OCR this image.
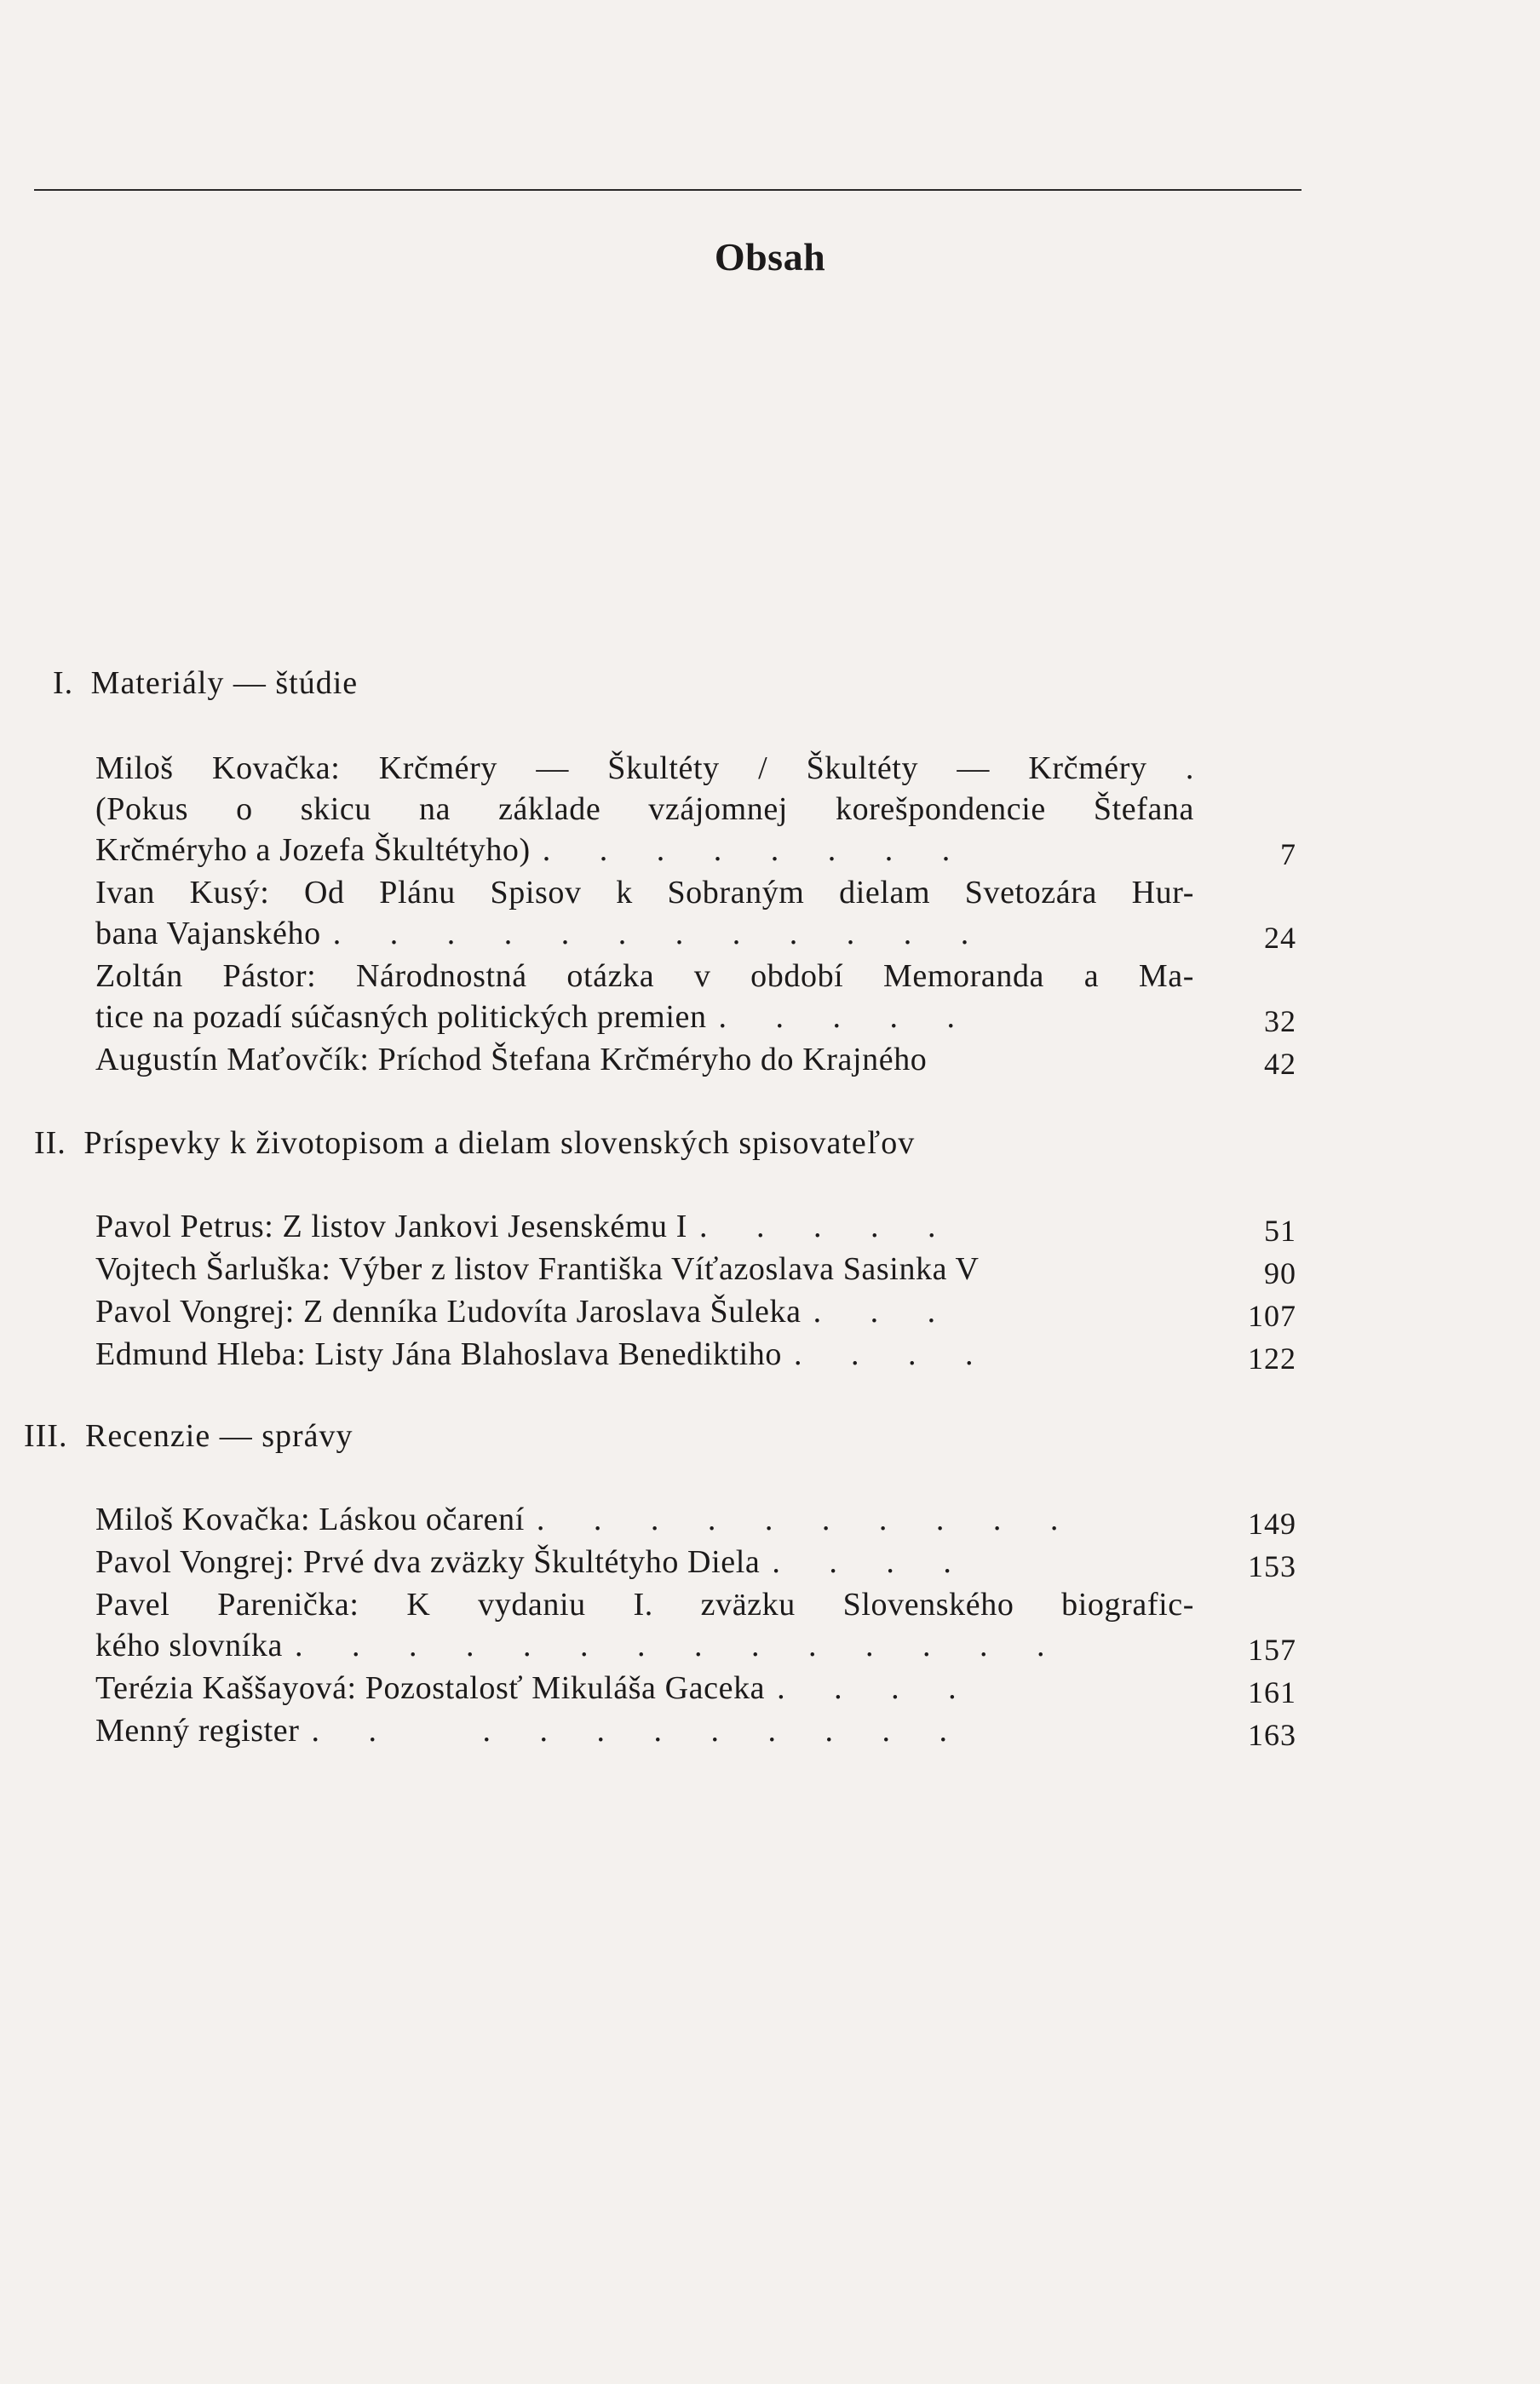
Obsah
I. Materiály — štúdie
Miloš Kovačka: Krčméry — Škultéty / Škultéty — Krčméry .
(Pokus o skicu na základe vzájomnej korešpondencie Štefana
Krčméryho a Jozefa Škultétyho) . . . . . . . .	7
Ivan Kusý: Od Plánu Spisov k Sobraným dielam Svetozára Hur-
bana Vajanského . . . . . . . . . . . .	24
Zoltán Pástor: Národnostná otázka v období Memoranda a Ma-
tice na pozadí súčasných politických premien . . . . .	32
Augustín Maťovčík: Príchod Štefana Krčméryho do Krajného	42
II. Príspevky k životopisom a dielam slovenských spisovateľov
Pavol Petrus: Z listov Jankovi Jesenskému I . . . . .	51
Vojtech Šarluška: Výber z listov Františka Víťazoslava Sasinka V	90
Pavol Vongrej: Z denníka Ľudovíta Jaroslava Šuleka . . .	107
Edmund Hleba: Listy Jána Blahoslava Benediktiho . . . .	122
III. Recenzie — správy
Miloš Kovačka: Láskou očarení . . . . . . . . . .	149
Pavol Vongrej: Prvé dva zväzky Škultétyho Diela . . . .	153
Pavel Parenička: K vydaniu I. zväzku Slovenského biografic-
kého slovníka . . . . . . . . . . . . . .	157
Terézia Kaššayová: Pozostalosť Mikuláša Gaceka . . . .	161
Menný register . .   . . . . . . . . .	163
